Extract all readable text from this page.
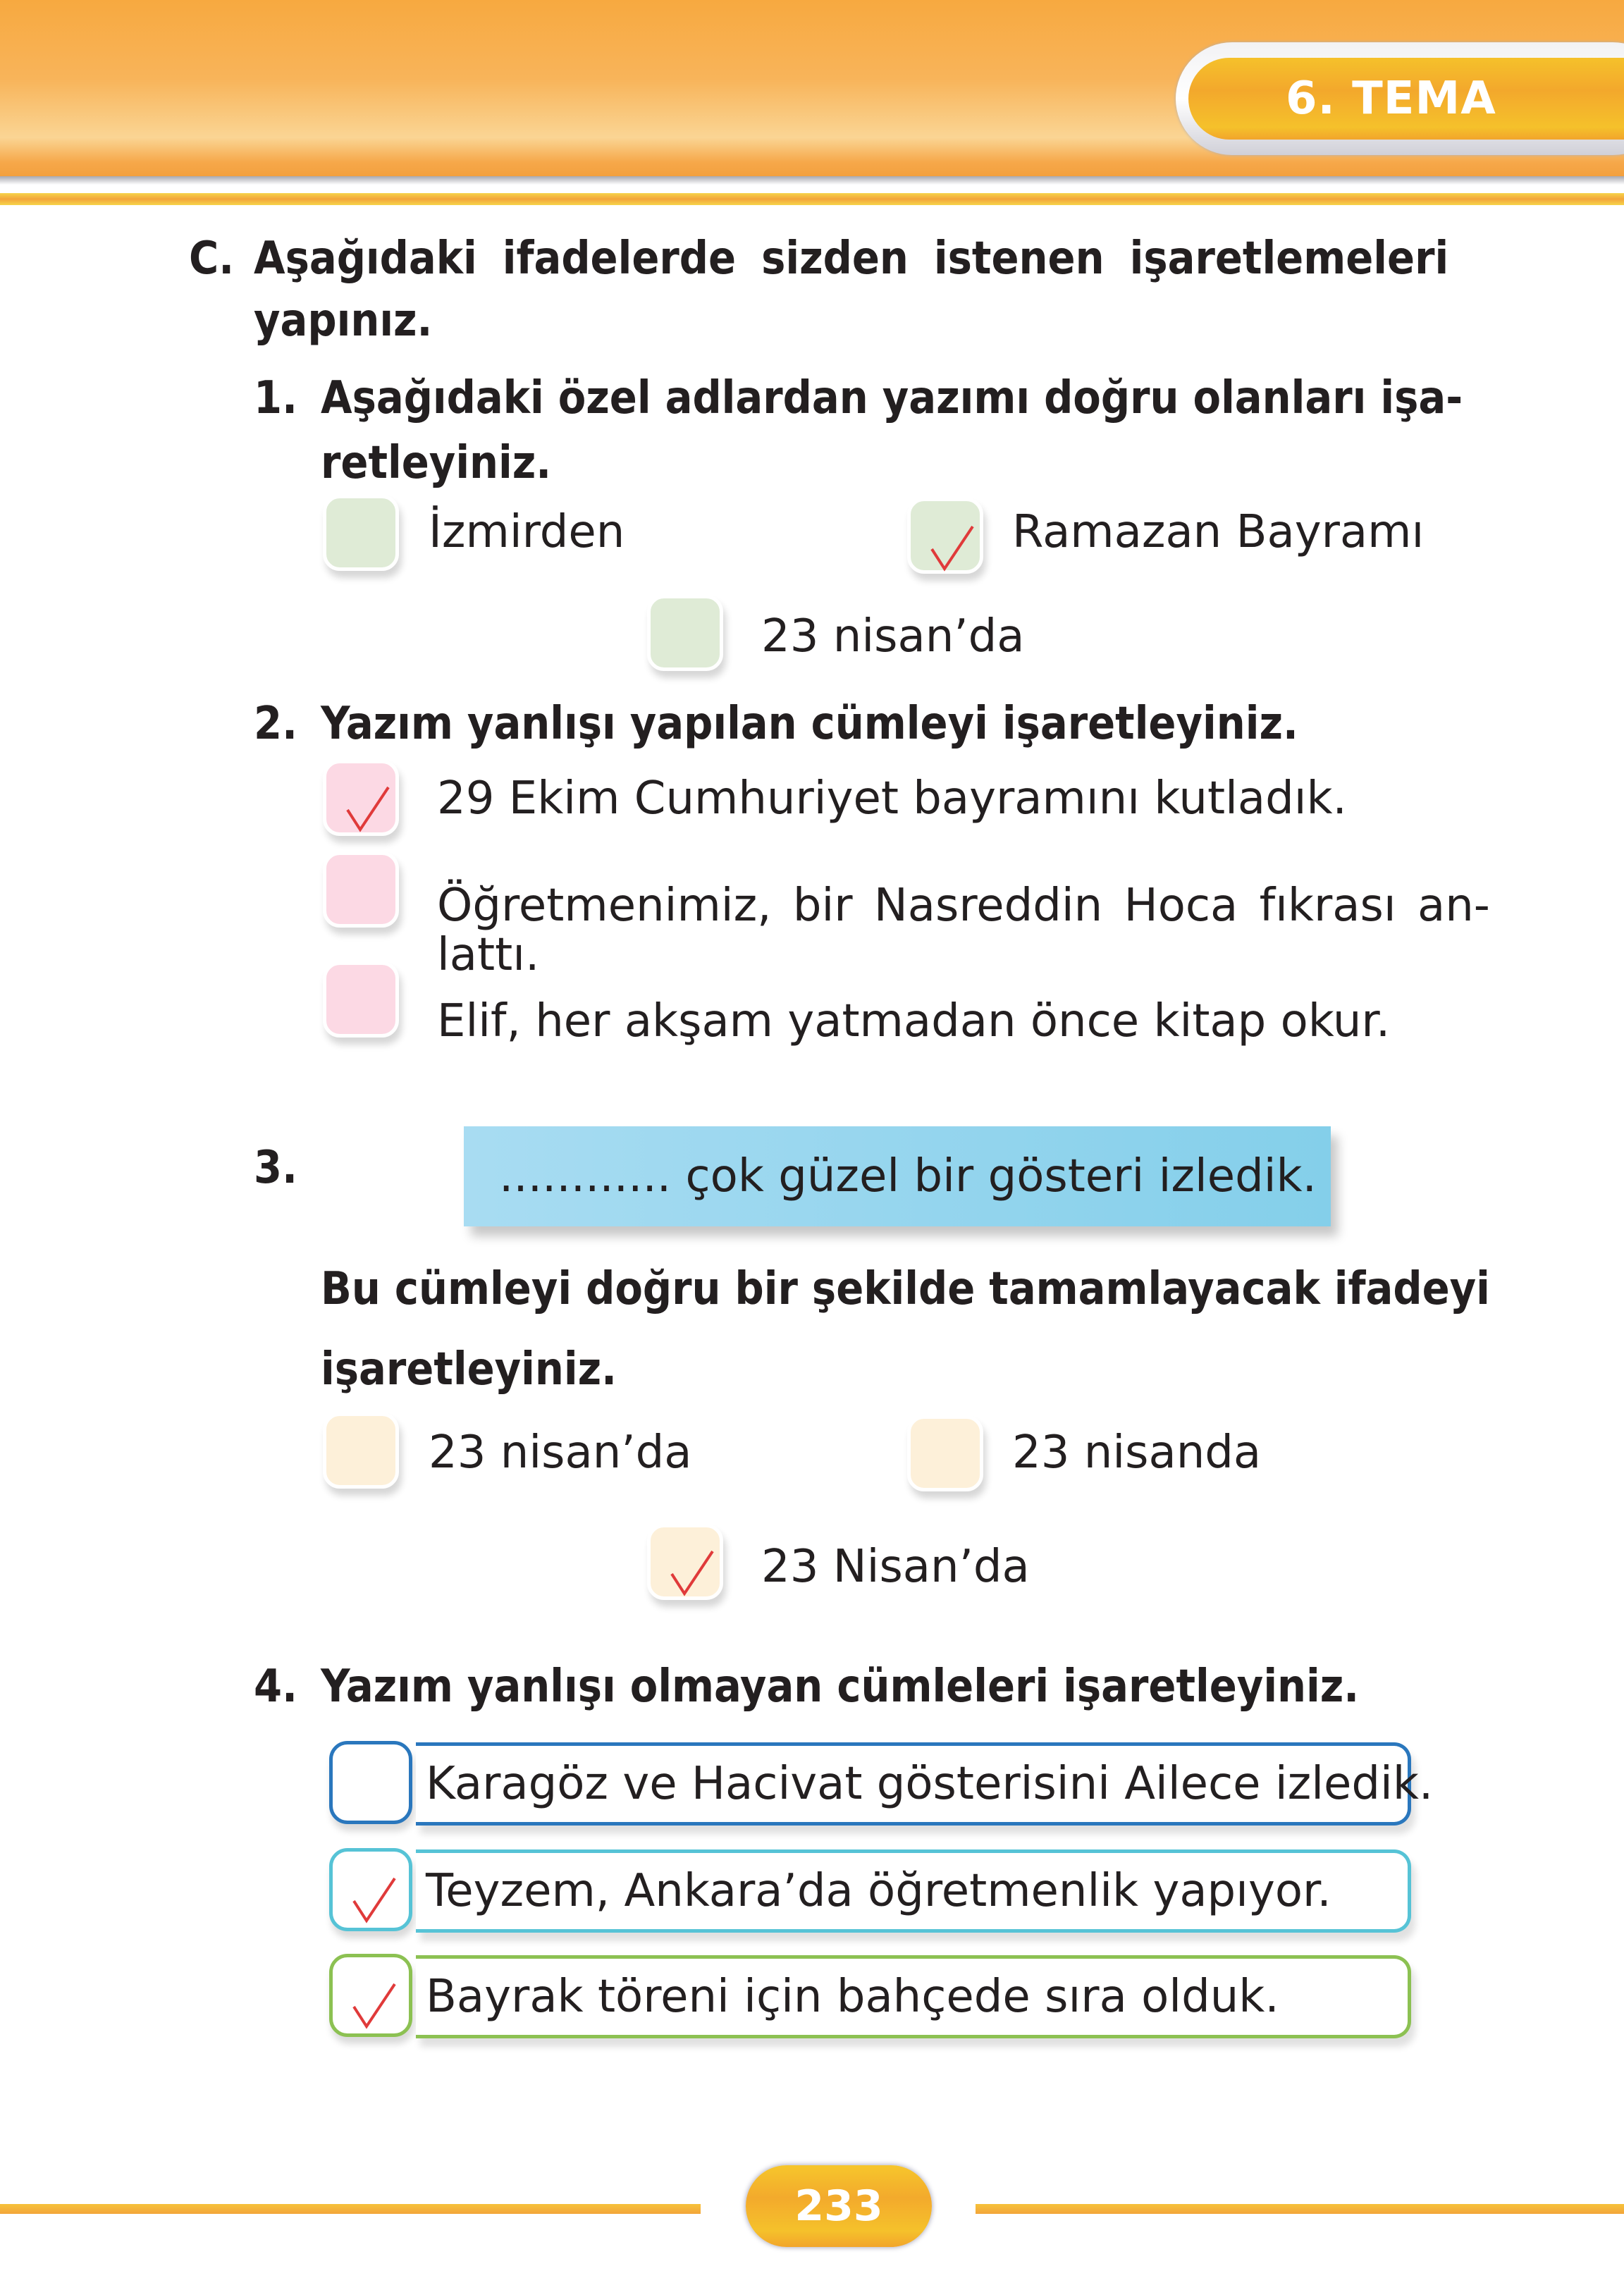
6. TEMA
C. Aşağıdaki ifadelerde sizden istenen işaretlemeleri
yapınız.
1. Aşağıdaki özel adlardan yazımı doğru olanları işa-
retleyiniz.
İzmirden	Ramazan Bayramı
23 nisan’da
2. Yazım yanlışı yapılan cümleyi işaretleyiniz.
29 Ekim Cumhuriyet bayramını kutladık.
Öğretmenimiz, bir Nasreddin Hoca fıkrası an-
lattı.
Elif, her akşam yatmadan önce kitap okur.
3.	............ çok güzel bir gösteri izledik.
Bu cümleyi doğru bir şekilde tamamlayacak ifadeyi
işaretleyiniz.
23 nisan’da	23 nisanda
23 Nisan’da
4. Yazım yanlışı olmayan cümleleri işaretleyiniz.
Karagöz ve Hacivat gösterisini Ailece izledik.
Teyzem, Ankara’da öğretmenlik yapıyor.
Bayrak töreni için bahçede sıra olduk.
233
